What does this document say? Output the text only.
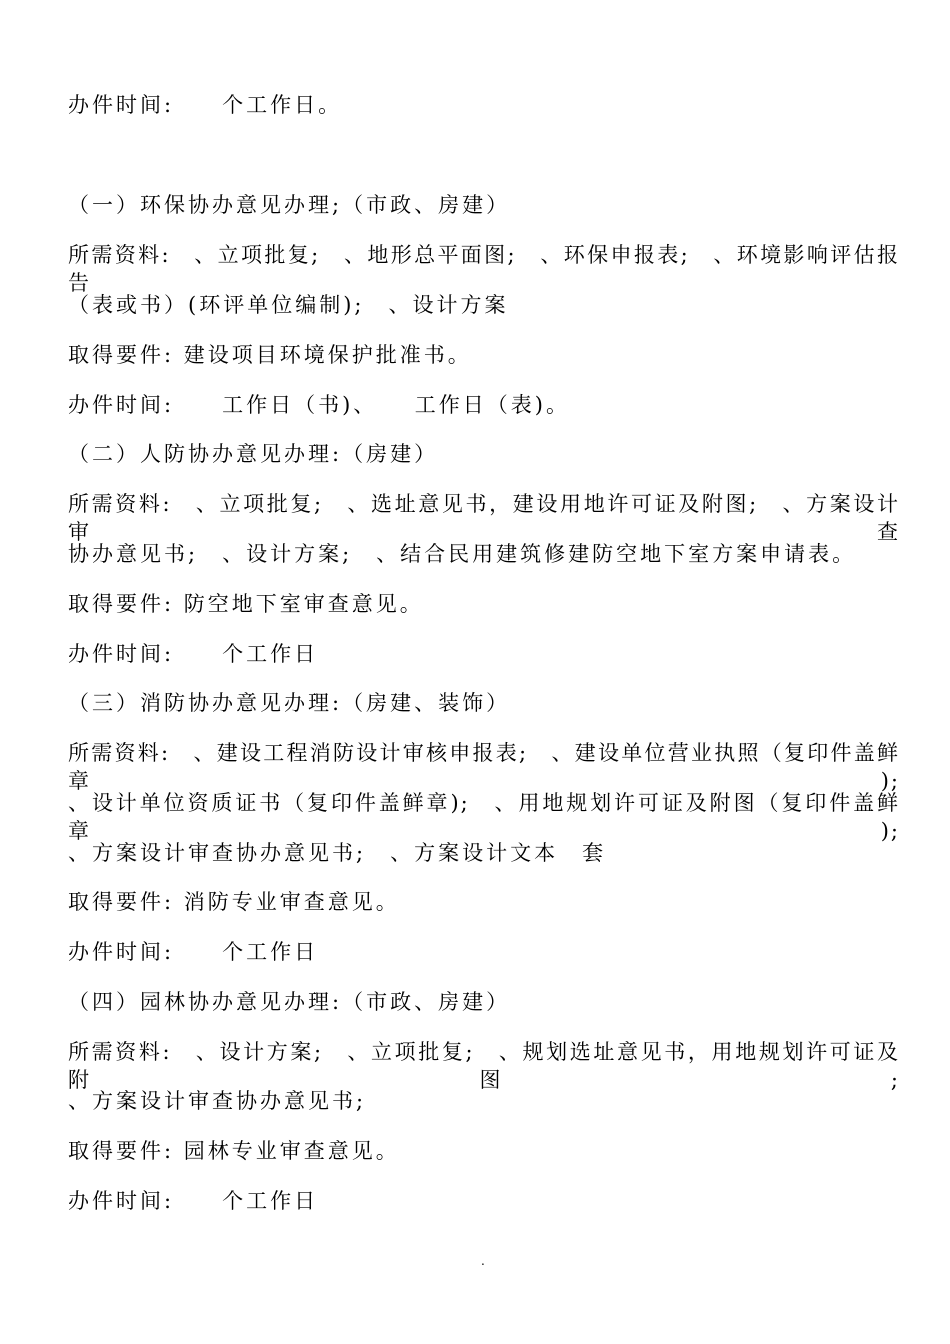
办件时间:　　个工作日。
（一）环保协办意见办理;（市政、房建）
所需资料:　、立项批复;　、地形总平面图;　、环保申报表;　、环境影响评估报告
（表或书）(环评单位编制);　、设计方案
取得要件: 建设项目环境保护批准书。
办件时间:　　工作日（书)、　　工作日（表)。
（二）人防协办意见办理:（房建）
所需资料:　、立项批复;　、选址意见书，建设用地许可证及附图;　、方案设计审查
协办意见书;　、设计方案;　、结合民用建筑修建防空地下室方案申请表。
取得要件: 防空地下室审查意见。
办件时间:　　个工作日
（三）消防协办意见办理:（房建、装饰）
所需资料:　、建设工程消防设计审核申报表;　、建设单位营业执照（复印件盖鲜章);
、设计单位资质证书（复印件盖鲜章);　、用地规划许可证及附图（复印件盖鲜章);
、方案设计审查协办意见书;　、方案设计文本　套
取得要件: 消防专业审查意见。
办件时间:　　个工作日
（四）园林协办意见办理:（市政、房建）
所需资料:　、设计方案;　、立项批复;　、规划选址意见书，用地规划许可证及附图;
、方案设计审查协办意见书;
取得要件: 园林专业审查意见。
办件时间:　　个工作日
.
